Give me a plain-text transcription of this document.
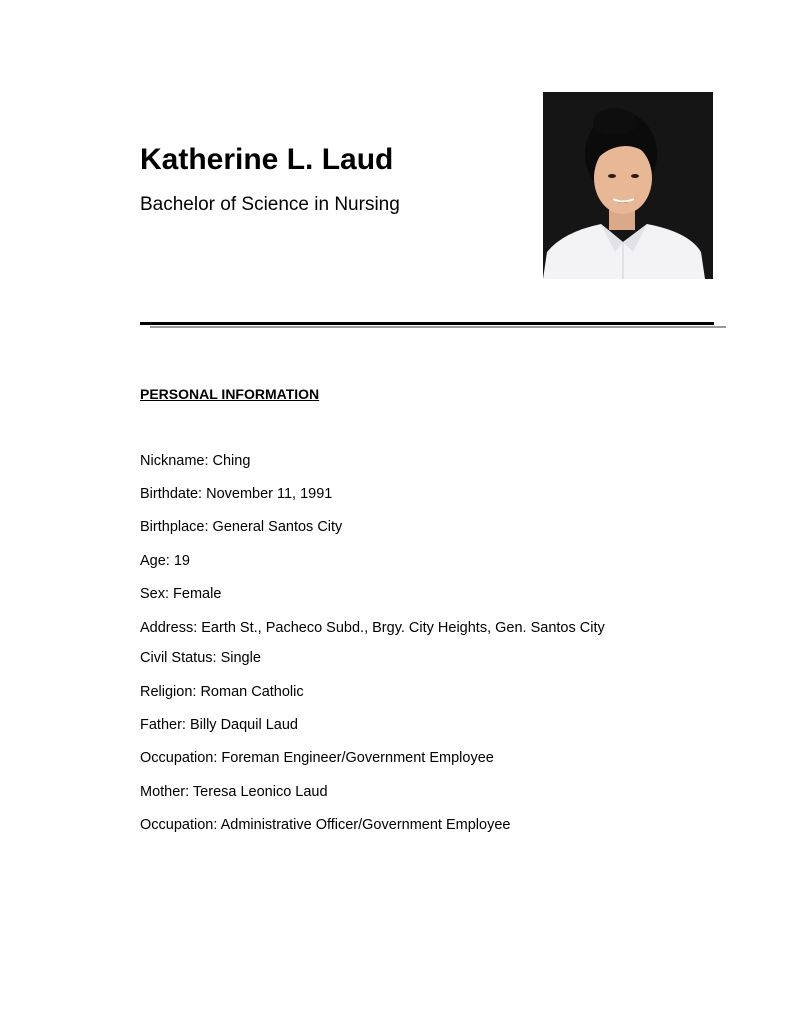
Katherine L. Laud
Bachelor of Science in Nursing
PERSONAL INFORMATION
Nickname: Ching
Birthdate: November 11, 1991
Birthplace: General Santos City
Age: 19
Sex: Female
Address: Earth St., Pacheco Subd., Brgy. City Heights, Gen. Santos City
Civil Status: Single
Religion: Roman Catholic
Father: Billy Daquil Laud
Occupation: Foreman Engineer/Government Employee
Mother: Teresa Leonico Laud
Occupation: Administrative Officer/Government Employee
